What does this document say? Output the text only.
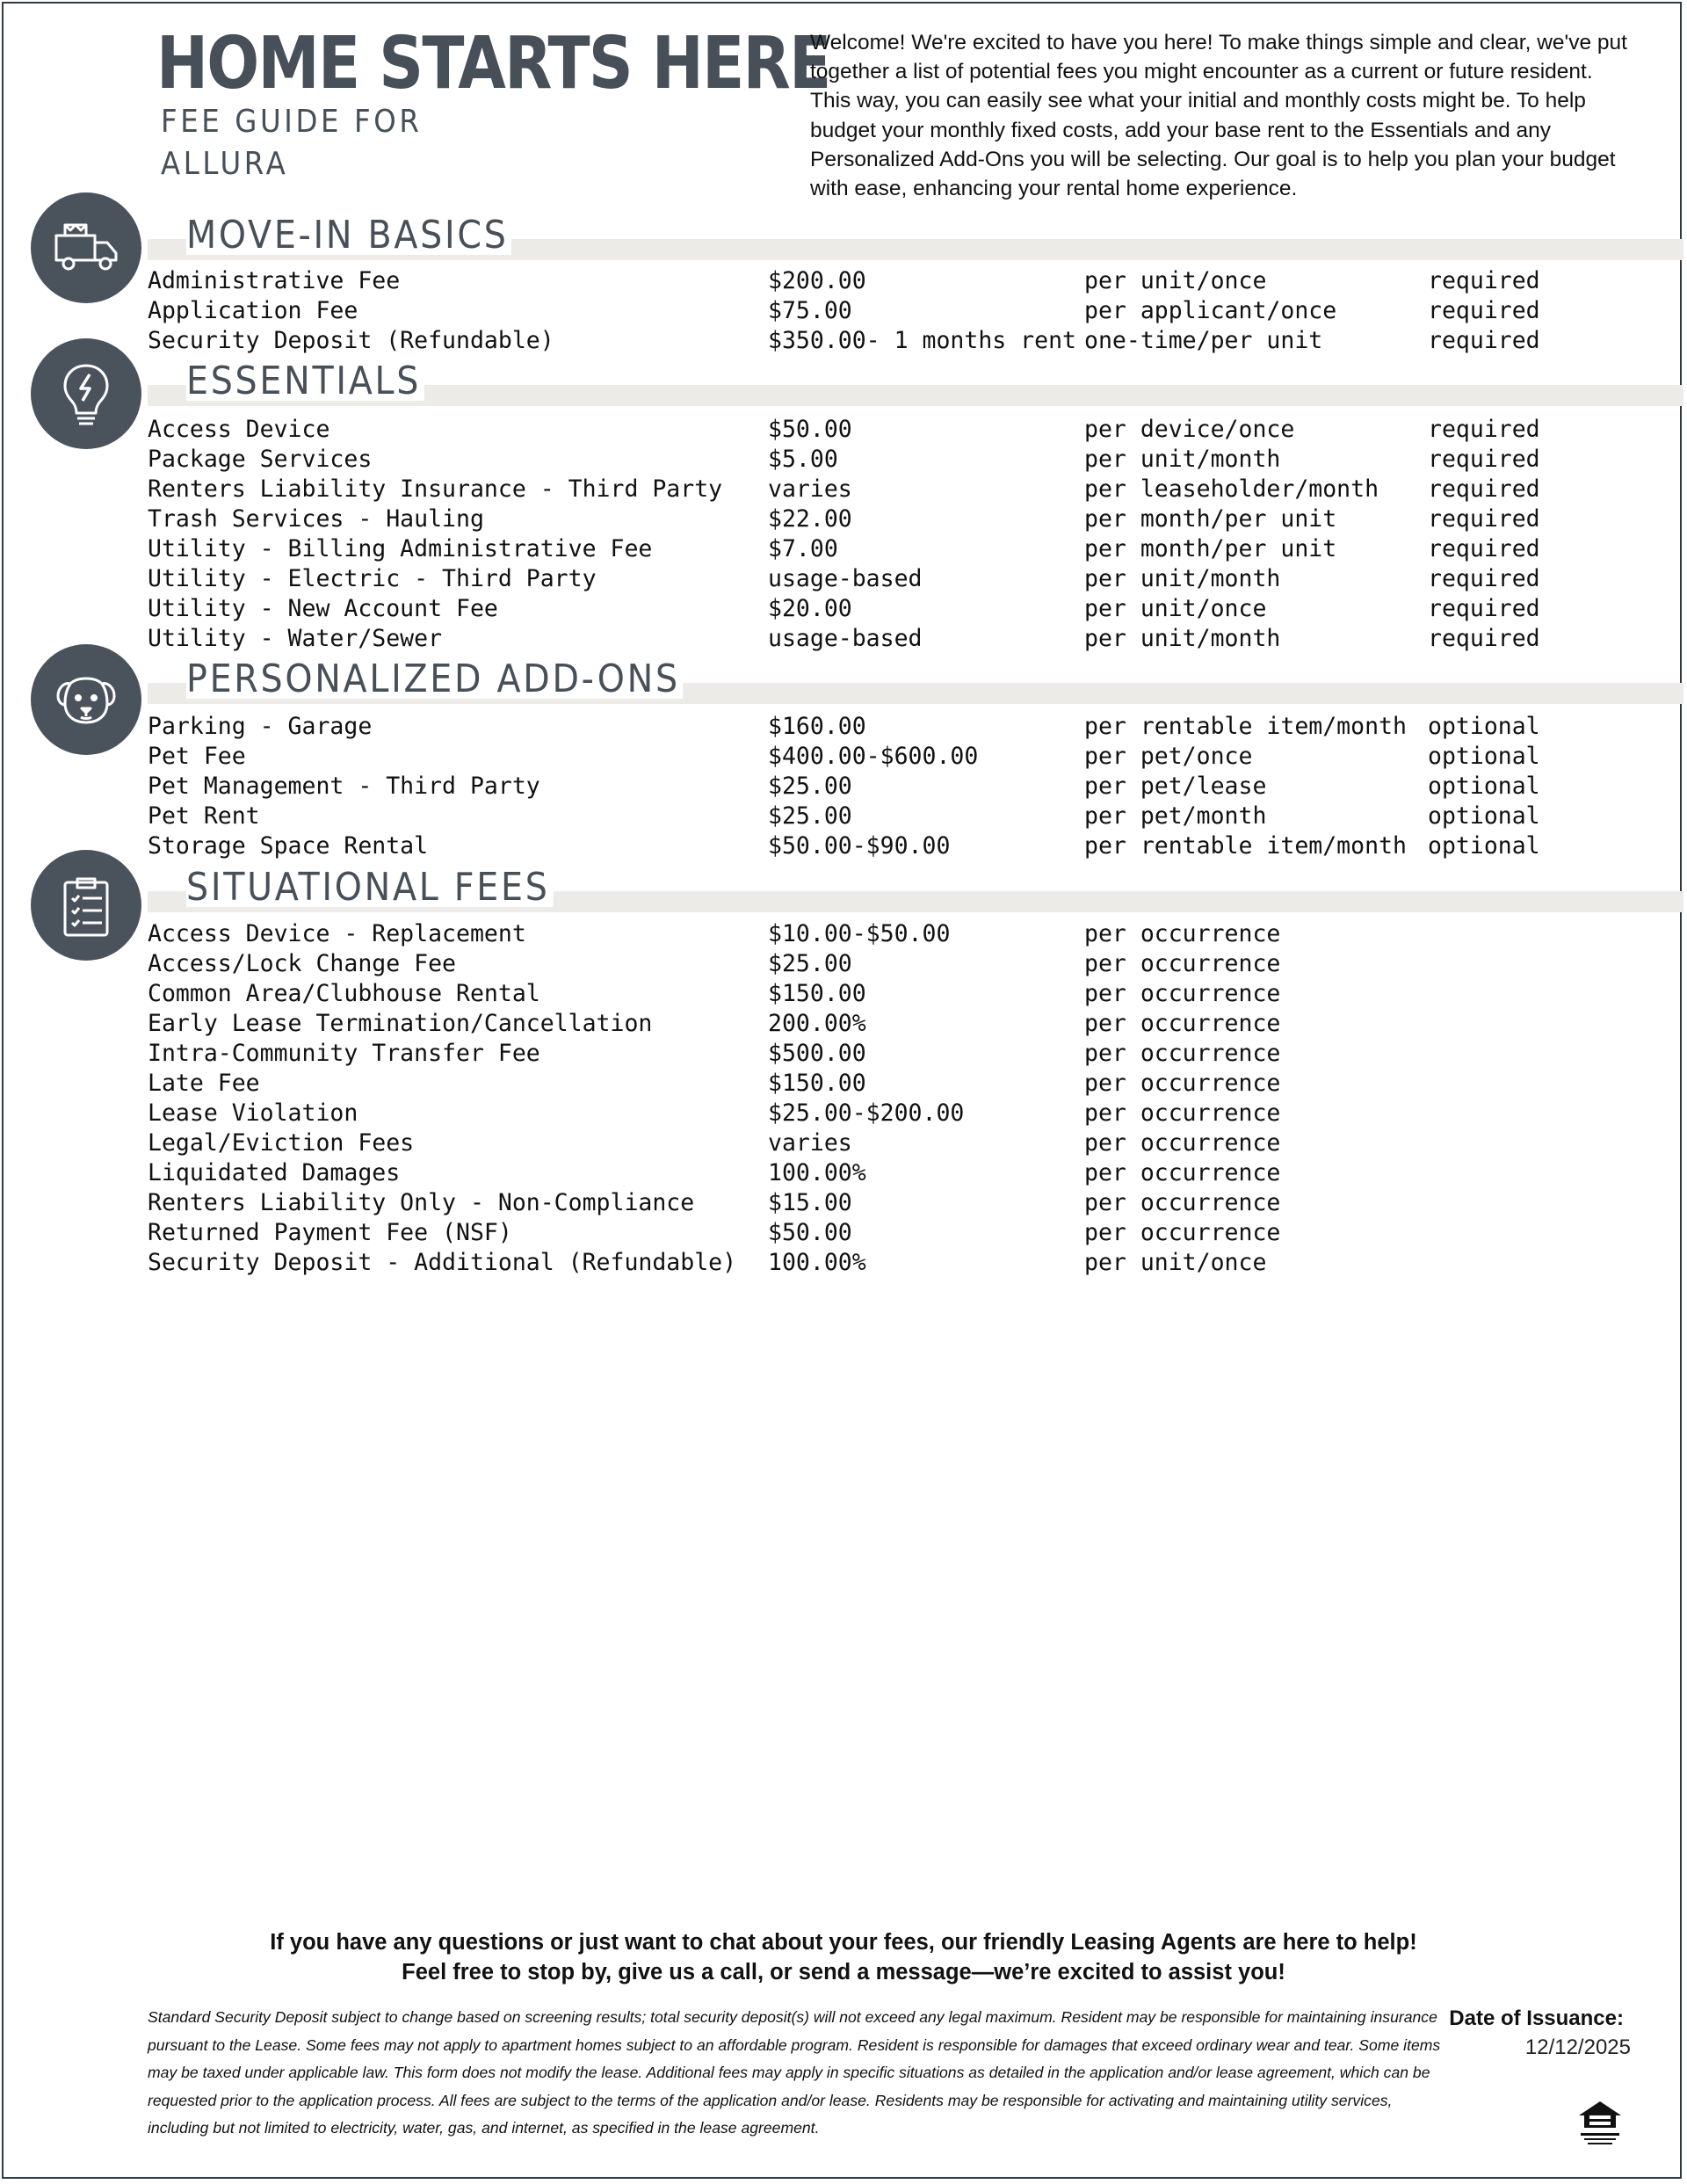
HOME STARTS HERE
FEE GUIDE FOR
ALLURA

Welcome! We're excited to have you here! To make things simple and clear, we've put together a list of potential fees you might encounter as a current or future resident. This way, you can easily see what your initial and monthly costs might be. To help budget your monthly fixed costs, add your base rent to the Essentials and any Personalized Add-Ons you will be selecting. Our goal is to help you plan your budget with ease, enhancing your rental home experience.

MOVE-IN BASICS
Administrative Fee	$200.00	per unit/once	required
Application Fee	$75.00	per applicant/once	required
Security Deposit (Refundable)	$350.00- 1 months rent one-time/per unit	required
ESSENTIALS
Access Device	$50.00	per device/once	required
Package Services	$5.00	per unit/month	required
Renters Liability Insurance - Third Party varies	per leaseholder/month required
Trash Services - Hauling	$22.00	per month/per unit	required
Utility - Billing Administrative Fee	$7.00	per month/per unit	required
Utility - Electric - Third Party	usage-based	per unit/month	required
Utility - New Account Fee	$20.00	per unit/once	required
Utility - Water/Sewer	usage-based	per unit/month	required
PERSONALIZED ADD-ONS
Parking - Garage	$160.00	per rentable item/month optional
Pet Fee	$400.00-$600.00	per pet/once	optional
Pet Management - Third Party	$25.00	per pet/lease	optional
Pet Rent	$25.00	per pet/month	optional
Storage Space Rental	$50.00-$90.00	per rentable item/month optional
SITUATIONAL FEES
Access Device - Replacement	$10.00-$50.00	per occurrence
Access/Lock Change Fee	$25.00	per occurrence
Common Area/Clubhouse Rental	$150.00	per occurrence
Early Lease Termination/Cancellation	200.00%	per occurrence
Intra-Community Transfer Fee	$500.00	per occurrence
Late Fee	$150.00	per occurrence
Lease Violation	$25.00-$200.00	per occurrence
Legal/Eviction Fees	varies	per occurrence
Liquidated Damages	100.00%	per occurrence
Renters Liability Only - Non-Compliance	$15.00	per occurrence
Returned Payment Fee (NSF)	$50.00	per occurrence
Security Deposit - Additional (Refundable) 100.00%	per unit/once
If you have any questions or just want to chat about your fees, our friendly Leasing Agents are here to help!
Feel free to stop by, give us a call, or send a message—we’re excited to assist you!

Standard Security Deposit subject to change based on screening results; total security deposit(s) will not exceed any legal maximum. Resident may be responsible for maintaining insurance pursuant to the Lease. Some fees may not apply to apartment homes subject to an affordable program. Resident is responsible for damages that exceed ordinary wear and tear. Some items may be taxed under applicable law. This form does not modify the lease. Additional fees may apply in specific situations as detailed in the application and/or lease agreement, which can be requested prior to the application process. All fees are subject to the terms of the application and/or lease. Residents may be responsible for activating and maintaining utility services, including but not limited to electricity, water, gas, and internet, as specified in the lease agreement.

Date of Issuance:
12/12/2025
